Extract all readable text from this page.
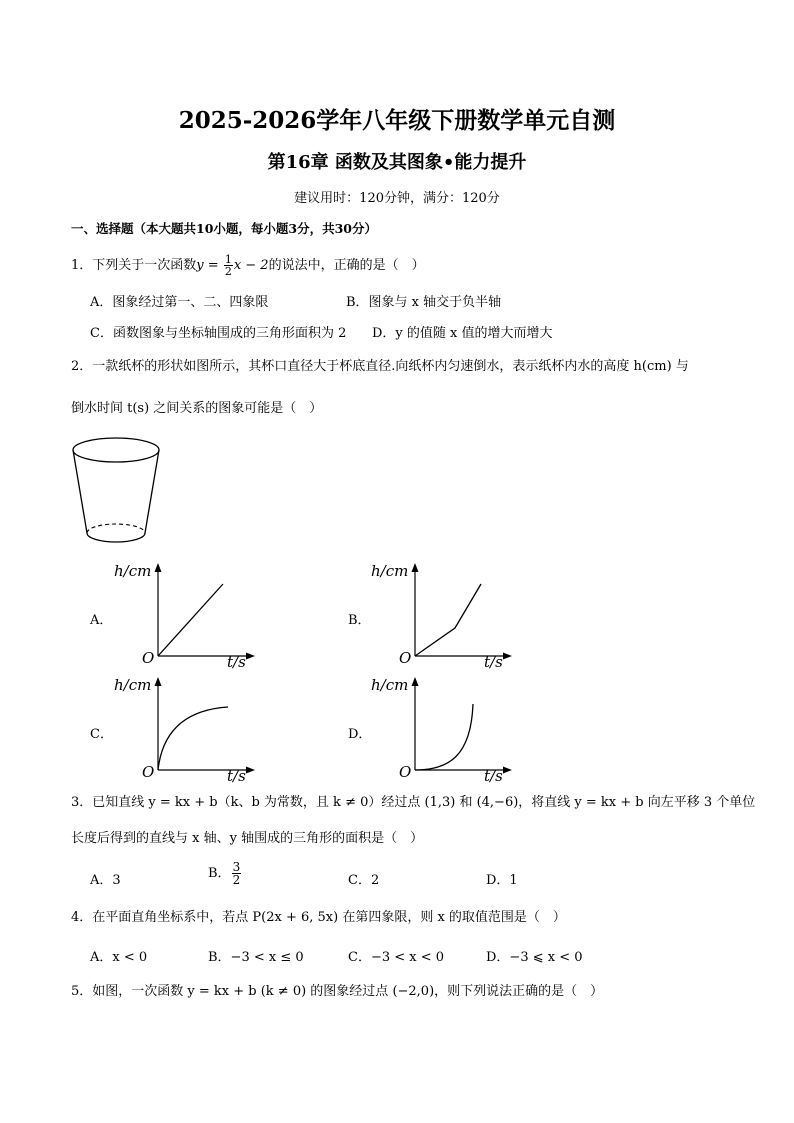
2025-2026学年八年级下册数学单元自测
第16章 函数及其图象•能力提升
建议用时：120分钟，满分：120分
一、选择题（本大题共10小题，每小题3分，共30分）
1．下列关于一次函数$y = \frac{1}{2}$ x − 2的说法中，正确的是（　）
A．图象经过第一、二、四象限	B．图象与 x 轴交于负半轴
C．函数图象与坐标轴围成的三角形面积为 2 D．y 的值随 x 值的增大而增大
2．一款纸杯的形状如图所示，其杯口直径大于杯底直径.向纸杯内匀速倒水，表示纸杯内水的高度 h(cm) 与
倒水时间 t(s) 之间关系的图象可能是（　）
A．
h/cm
O	t/s
B．
h/cm
O	t/s
C．
h/cm
O	t/s
D．
h/cm
O	t/s
3．已知直线 y = kx + b（k、b 为常数，且 k ≠ 0）经过点 (1,3) 和 (4,−6)，将直线 y = kx + b 向左平移 3 个单位
长度后得到的直线与 x 轴、y 轴围成的三角形的面积是（　）
A．3	B． $\frac{3}{2}$	C．2	D．1
4．在平面直角坐标系中，若点 P(2x + 6, 5x) 在第四象限，则 x 的取值范围是（　）
A．x < 0	B．−3 < x ≤ 0	C．−3 < x < 0	D．−3 ⩽ x < 0
5．如图，一次函数 y = kx + b (k ≠ 0) 的图象经过点 (−2,0)，则下列说法正确的是（　）
